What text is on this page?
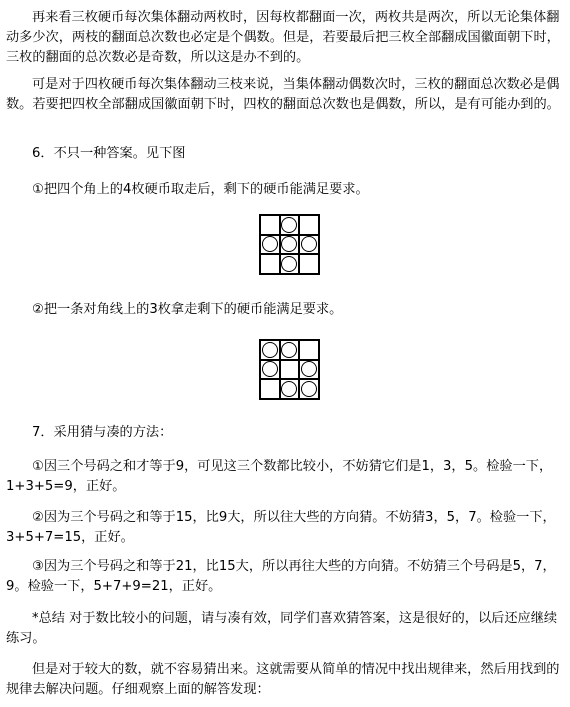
再来看三枚硬币每次集体翻动两枚时，因每枚都翻面一次，两枚共是两次，所以无论集体翻动多少次，两枝的翻面总次数也必定是个偶数。但是，若要最后把三枚全部翻成国徽面朝下时，三枚的翻面的总次数必是奇数，所以这是办不到的。

可是对于四枚硬币每次集体翻动三枝来说，当集体翻动偶数次时，三枚的翻面总次数必是偶数。若要把四枚全部翻成国徽面朝下时，四枚的翻面总次数也是偶数，所以，是有可能办到的。

6．不只一种答案。见下图

①把四个角上的4枚硬币取走后，剩下的硬币能满足要求。

②把一条对角线上的3枚拿走剩下的硬币能满足要求。

7．采用猜与凑的方法：

①因三个号码之和才等于9，可见这三个数都比较小，不妨猜它们是1，3，5。检验一下，1+3+5=9，正好。

②因为三个号码之和等于15，比9大，所以往大些的方向猜。不妨猜3，5，7。检验一下，3+5+7=15，正好。

③因为三个号码之和等于21，比15大，所以再往大些的方向猜。不妨猜三个号码是5，7，9。检验一下，5+7+9=21，正好。

*总结 对于数比较小的问题，请与凑有效，同学们喜欢猜答案，这是很好的，以后还应继续练习。

但是对于较大的数，就不容易猜出来。这就需要从简单的情况中找出规律来，然后用找到的规律去解决问题。仔细观察上面的解答发现：
